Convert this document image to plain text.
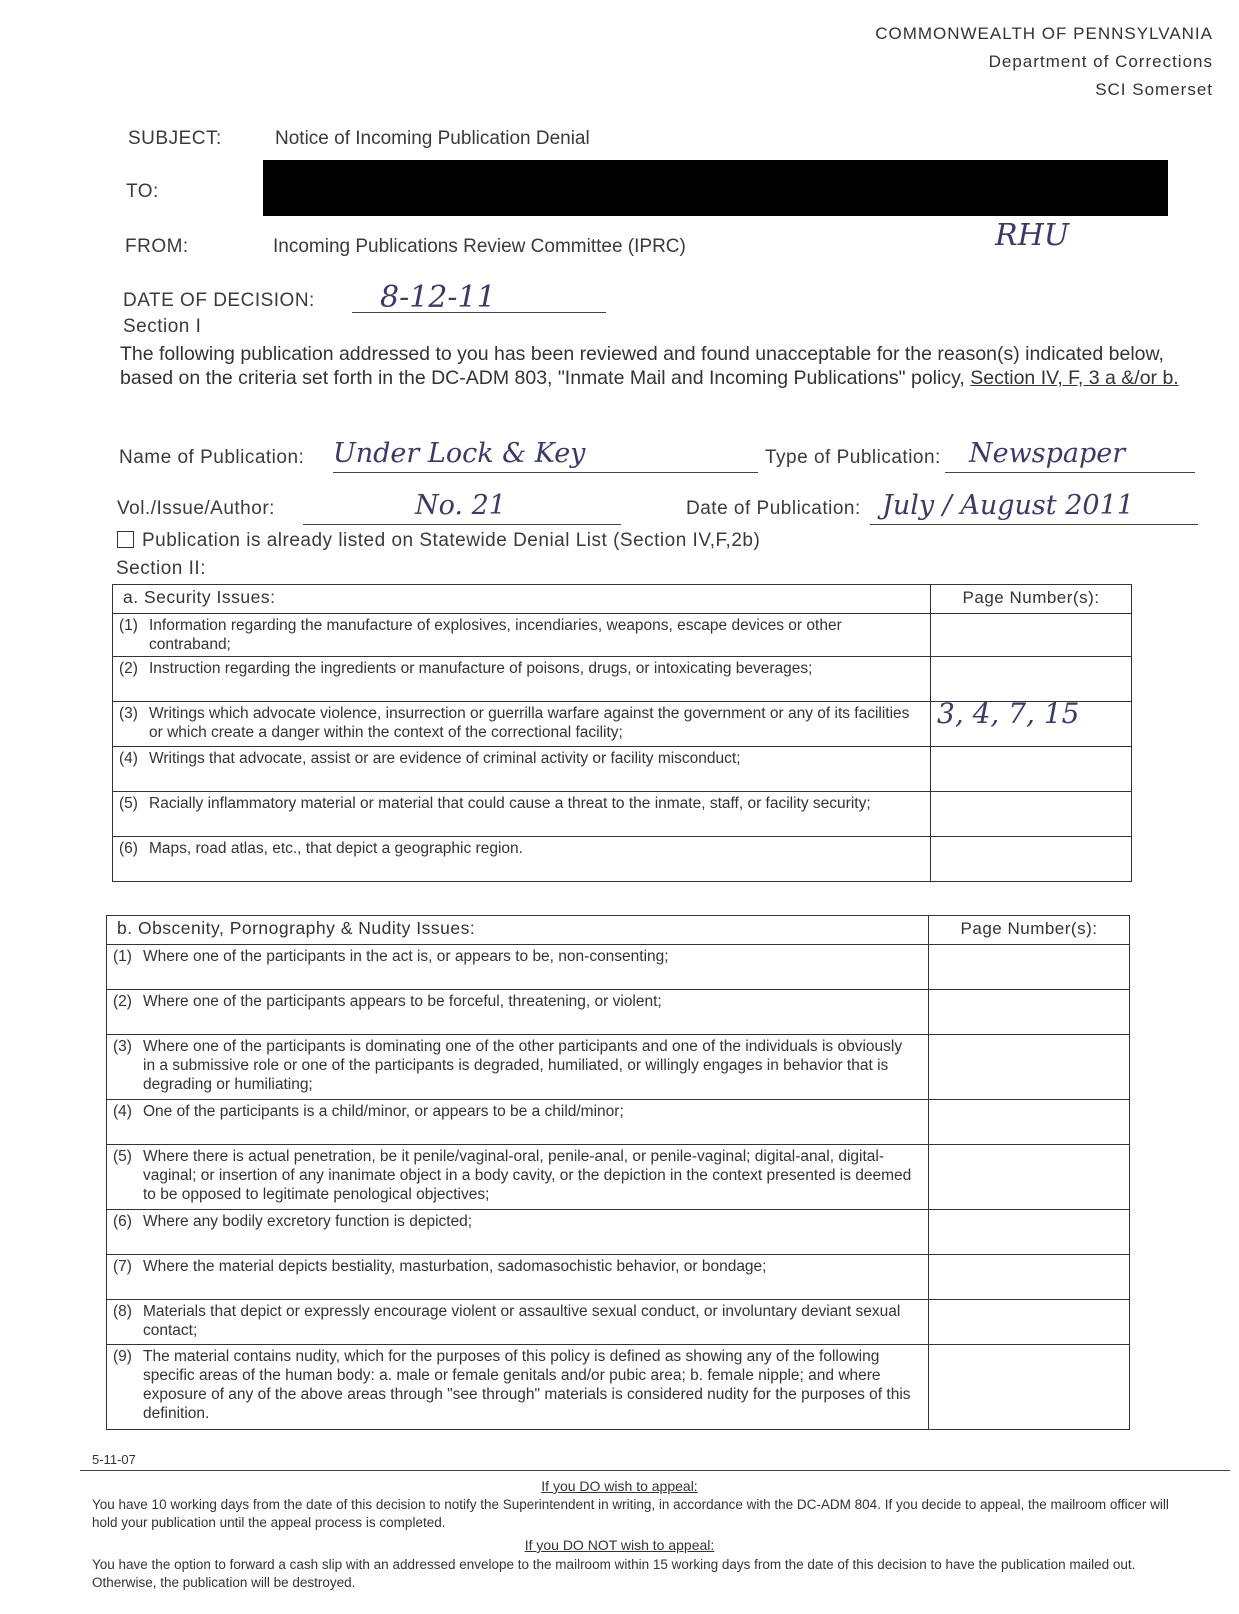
COMMONWEALTH OF PENNSYLVANIA
Department of Corrections
SCI Somerset
SUBJECT:	Notice of Incoming Publication Denial
TO:
FROM:	Incoming Publications Review Committee (IPRC)	RHU
DATE OF DECISION:	8-12-11
Section I
The following publication addressed to you has been reviewed and found unacceptable for the reason(s) indicated below, based on the criteria set forth in the DC-ADM 803, "Inmate Mail and Incoming Publications" policy, Section IV, F, 3 a &/or b.
Name of Publication: Under Lock & Key	Type of Publication:	Newspaper
Vol./Issue/Author:	No. 21	Date of Publication: July / August 2011
Publication is already listed on Statewide Denial List (Section IV,F,2b)
Section II:
a. Security Issues:	Page Number(s):
(1) Information regarding the manufacture of explosives, incendiaries, weapons, escape devices or other contraband;	
(2) Instruction regarding the ingredients or manufacture of poisons, drugs, or intoxicating beverages;	
(3) Writings which advocate violence, insurrection or guerrilla warfare against the government or any of its facilities or which create a danger within the context of the correctional facility;	3, 4, 7, 15
(4) Writings that advocate, assist or are evidence of criminal activity or facility misconduct;	
(5) Racially inflammatory material or material that could cause a threat to the inmate, staff, or facility security;	
(6) Maps, road atlas, etc., that depict a geographic region.	
b. Obscenity, Pornography & Nudity Issues:	Page Number(s):
(1) Where one of the participants in the act is, or appears to be, non-consenting;	
(2) Where one of the participants appears to be forceful, threatening, or violent;	
(3) Where one of the participants is dominating one of the other participants and one of the individuals is obviously in a submissive role or one of the participants is degraded, humiliated, or willingly engages in behavior that is degrading or humiliating;	
(4) One of the participants is a child/minor, or appears to be a child/minor;	
(5) Where there is actual penetration, be it penile/vaginal-oral, penile-anal, or penile-vaginal; digital-anal, digital-vaginal; or insertion of any inanimate object in a body cavity, or the depiction in the context presented is deemed to be opposed to legitimate penological objectives;	
(6) Where any bodily excretory function is depicted;	
(7) Where the material depicts bestiality, masturbation, sadomasochistic behavior, or bondage;	
(8) Materials that depict or expressly encourage violent or assaultive sexual conduct, or involuntary deviant sexual contact;	
(9) The material contains nudity, which for the purposes of this policy is defined as showing any of the following specific areas of the human body: a. male or female genitals and/or pubic area; b. female nipple; and where exposure of any of the above areas through "see through" materials is considered nudity for the purposes of this definition.	
5-11-07
If you DO wish to appeal:
You have 10 working days from the date of this decision to notify the Superintendent in writing, in accordance with the DC-ADM 804. If you decide to appeal, the mailroom officer will hold your publication until the appeal process is completed.
If you DO NOT wish to appeal:
You have the option to forward a cash slip with an addressed envelope to the mailroom within 15 working days from the date of this decision to have the publication mailed out. Otherwise, the publication will be destroyed.
